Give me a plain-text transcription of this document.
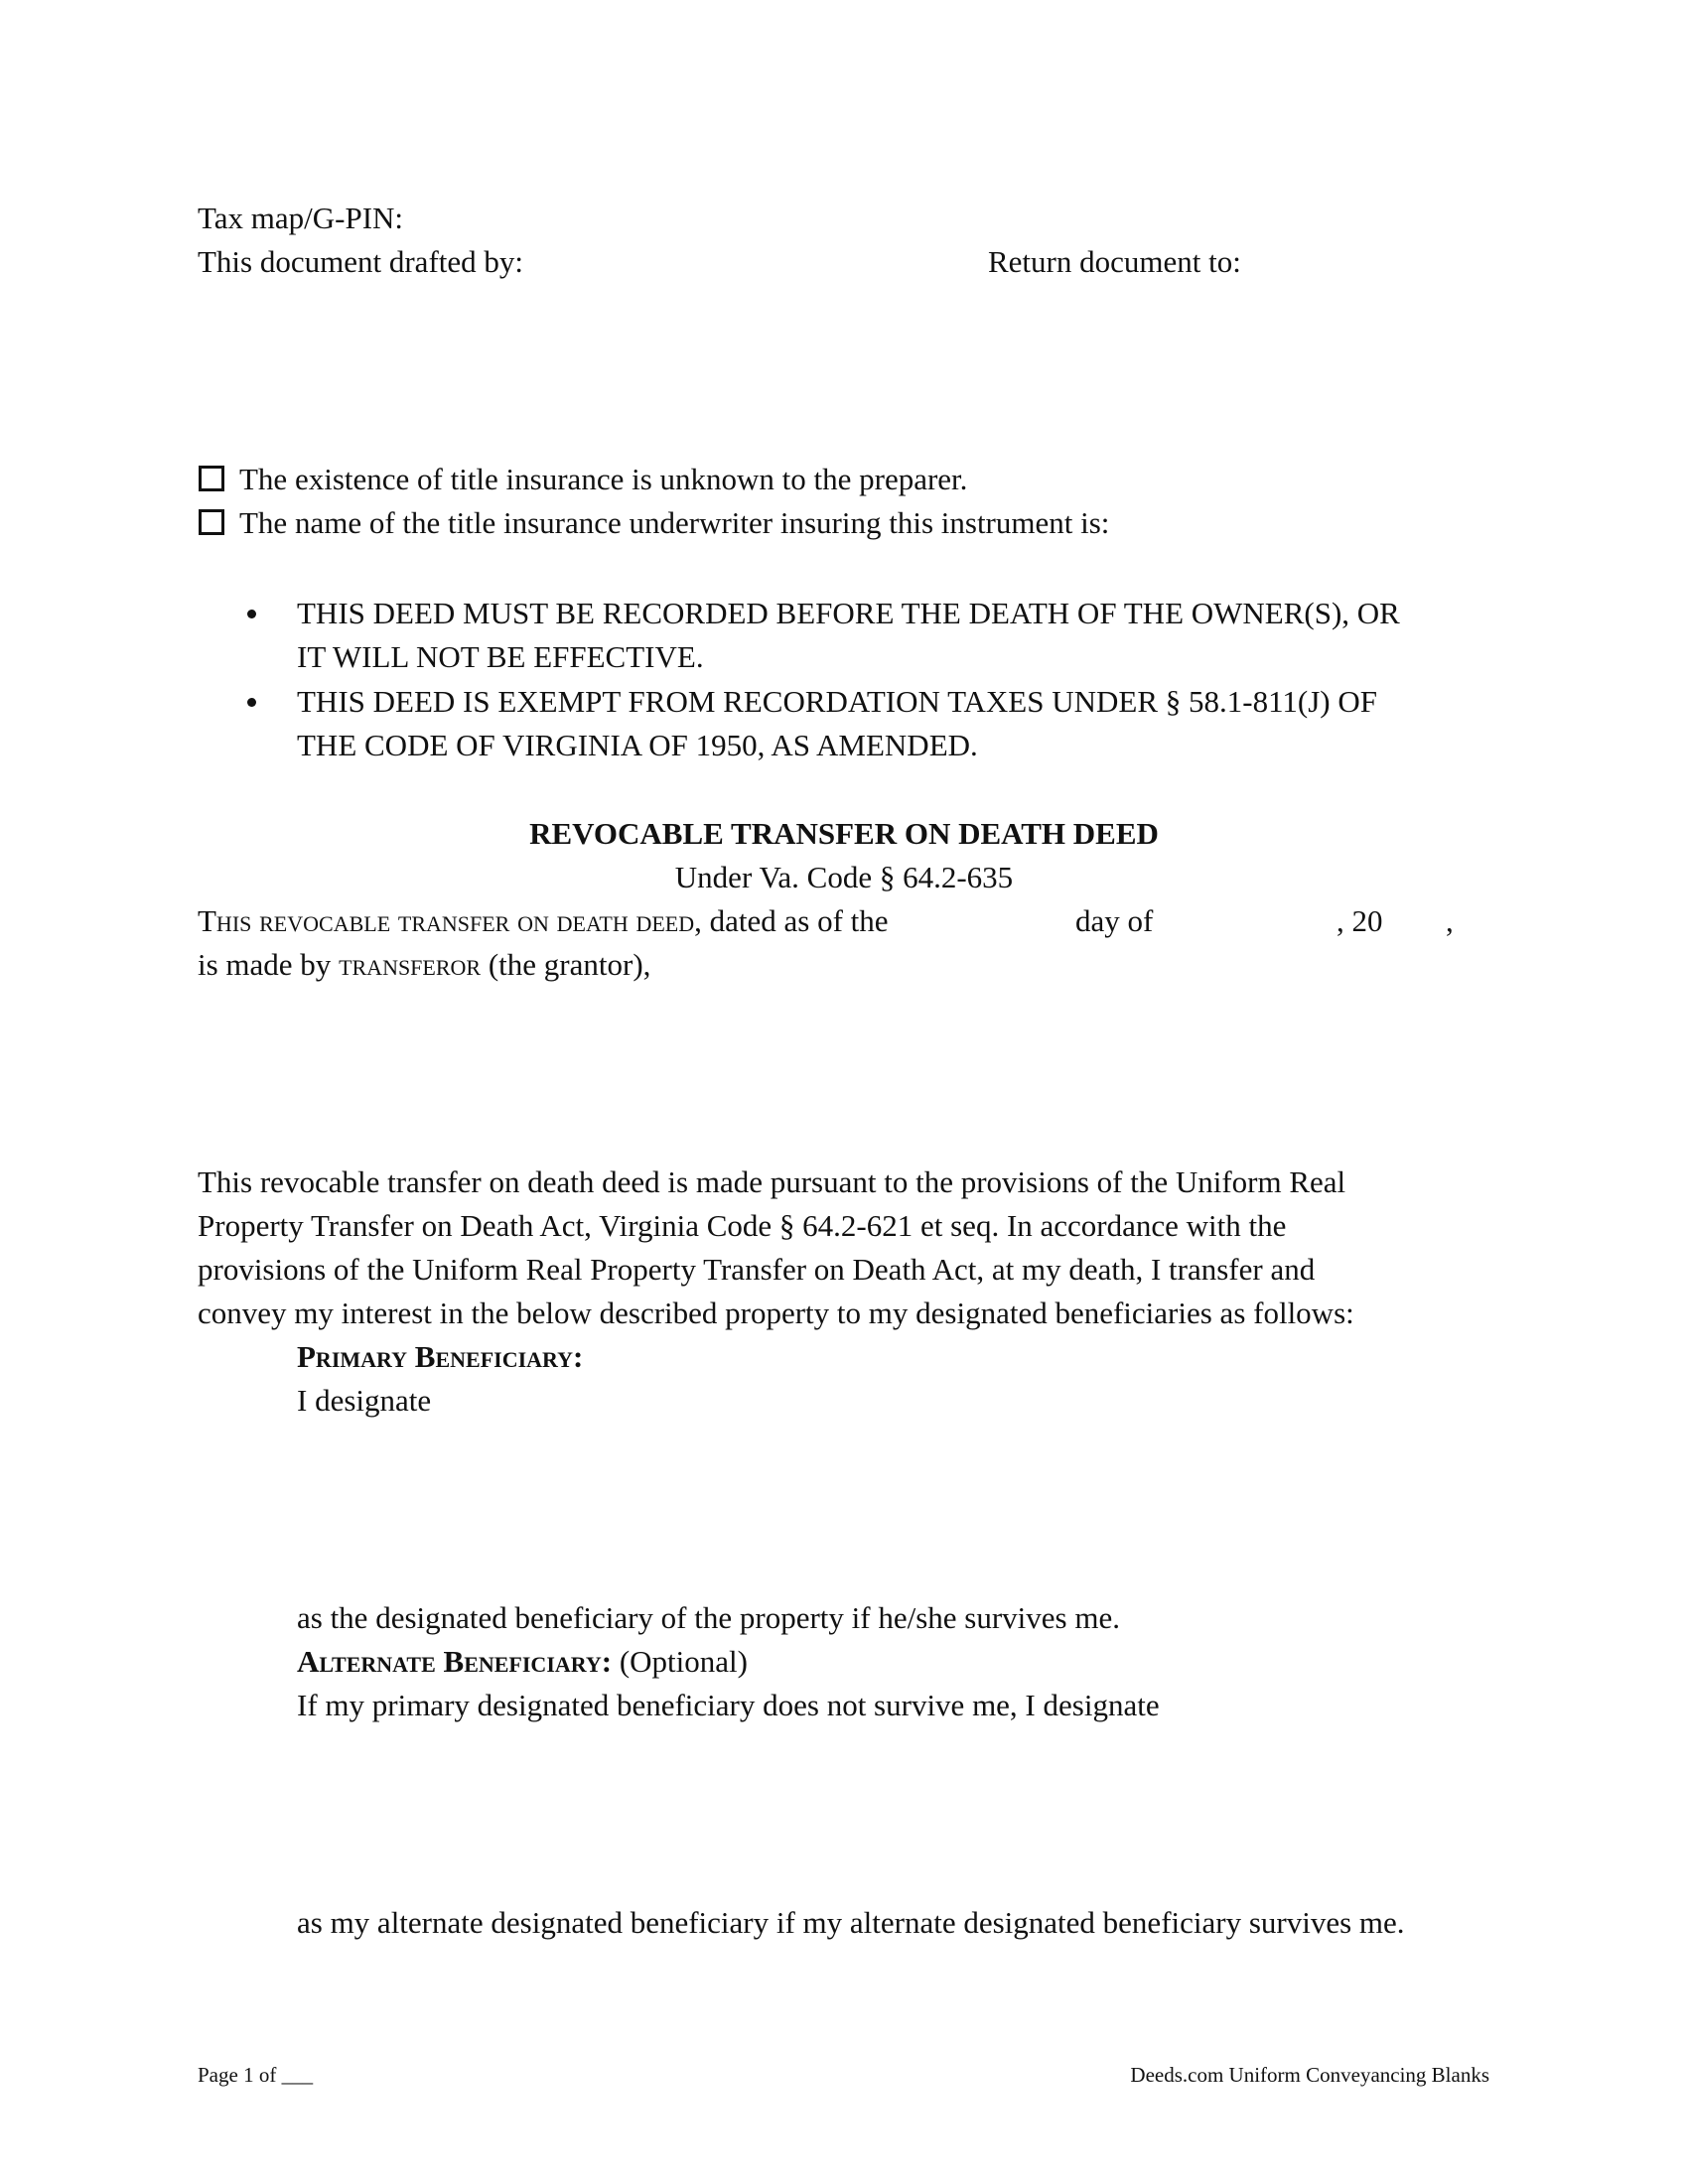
Tax map/G-PIN:
This document drafted by:	Return document to:
The existence of title insurance is unknown to the preparer.
The name of the title insurance underwriter insuring this instrument is:
THIS DEED MUST BE RECORDED BEFORE THE DEATH OF THE OWNER(S), OR
IT WILL NOT BE EFFECTIVE.
THIS DEED IS EXEMPT FROM RECORDATION TAXES UNDER § 58.1-811(J) OF
THE CODE OF VIRGINIA OF 1950, AS AMENDED.
REVOCABLE TRANSFER ON DEATH DEED
Under Va. Code § 64.2-635
This revocable transfer on death deed, dated as of the	day of	, 20 ,
is made by transferor (the grantor),
This revocable transfer on death deed is made pursuant to the provisions of the Uniform Real
Property Transfer on Death Act, Virginia Code § 64.2-621 et seq. In accordance with the
provisions of the Uniform Real Property Transfer on Death Act, at my death, I transfer and
convey my interest in the below described property to my designated beneficiaries as follows:
Primary Beneficiary:
I designate
as the designated beneficiary of the property if he/she survives me.
Alternate Beneficiary: (Optional)
If my primary designated beneficiary does not survive me, I designate
as my alternate designated beneficiary if my alternate designated beneficiary survives me.
Page 1 of ___	Deeds.com Uniform Conveyancing Blanks
